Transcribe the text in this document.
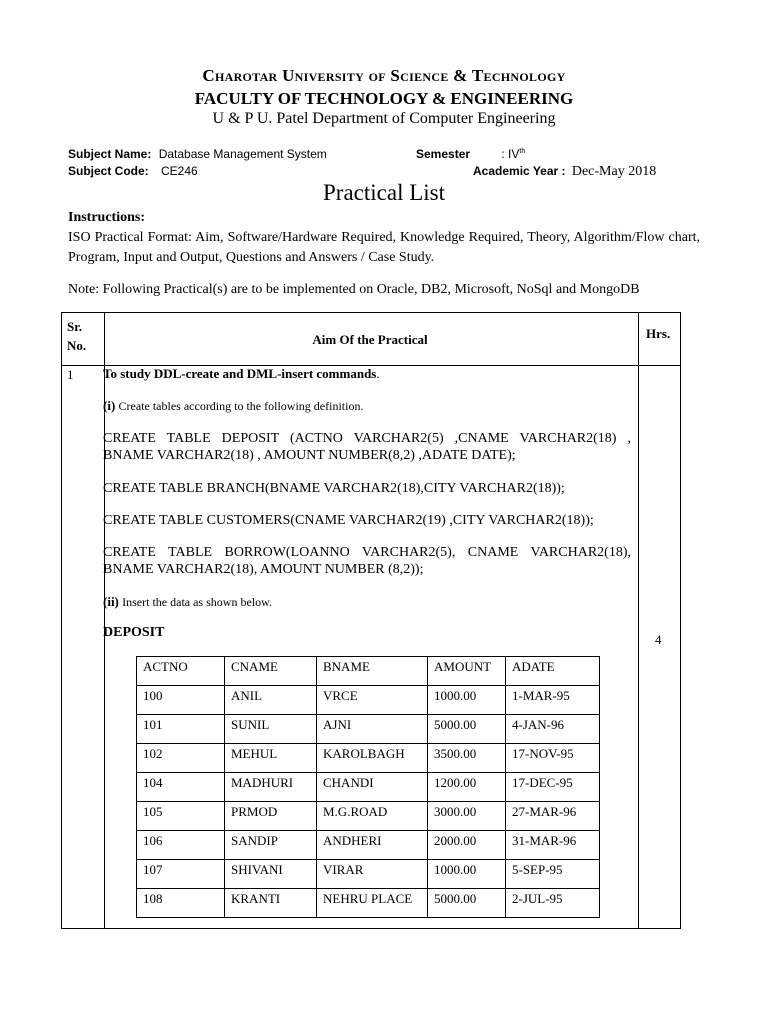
Charotar University of Science & Technology
FACULTY OF TECHNOLOGY & ENGINEERING
U & P U. Patel Department of Computer Engineering
Subject Name: Database Management System
Subject Code: CE246
Semester	: IVth
Academic Year : Dec-May 2018
Practical List
Instructions:
ISO Practical Format: Aim, Software/Hardware Required, Knowledge Required, Theory, Algorithm/Flow chart, Program, Input and Output, Questions and Answers / Case Study.
Note: Following Practical(s) are to be implemented on Oracle, DB2, Microsoft, NoSql and MongoDB
Sr.
No.	Aim Of the Practical	Hrs.
1 To study DDL-create and DML-insert commands.
(i) Create tables according to the following definition.
CREATE TABLE DEPOSIT (ACTNO VARCHAR2(5) ,CNAME VARCHAR2(18) , BNAME VARCHAR2(18) , AMOUNT NUMBER(8,2) ,ADATE DATE);
CREATE TABLE BRANCH(BNAME VARCHAR2(18),CITY VARCHAR2(18));
CREATE TABLE CUSTOMERS(CNAME VARCHAR2(19) ,CITY VARCHAR2(18));
CREATE TABLE BORROW(LOANNO VARCHAR2(5), CNAME VARCHAR2(18), BNAME VARCHAR2(18), AMOUNT NUMBER (8,2));
(ii) Insert the data as shown below.
DEPOSIT	4
ACTNO	CNAME	BNAME	AMOUNT	ADATE
100	ANIL	VRCE	1000.00	1-MAR-95
101	SUNIL	AJNI	5000.00	4-JAN-96
102	MEHUL	KAROLBAGH	3500.00	17-NOV-95
104	MADHURI	CHANDI	1200.00	17-DEC-95
105	PRMOD	M.G.ROAD	3000.00	27-MAR-96
106	SANDIP	ANDHERI	2000.00	31-MAR-96
107	SHIVANI	VIRAR	1000.00	5-SEP-95
108	KRANTI	NEHRU PLACE	5000.00	2-JUL-95
